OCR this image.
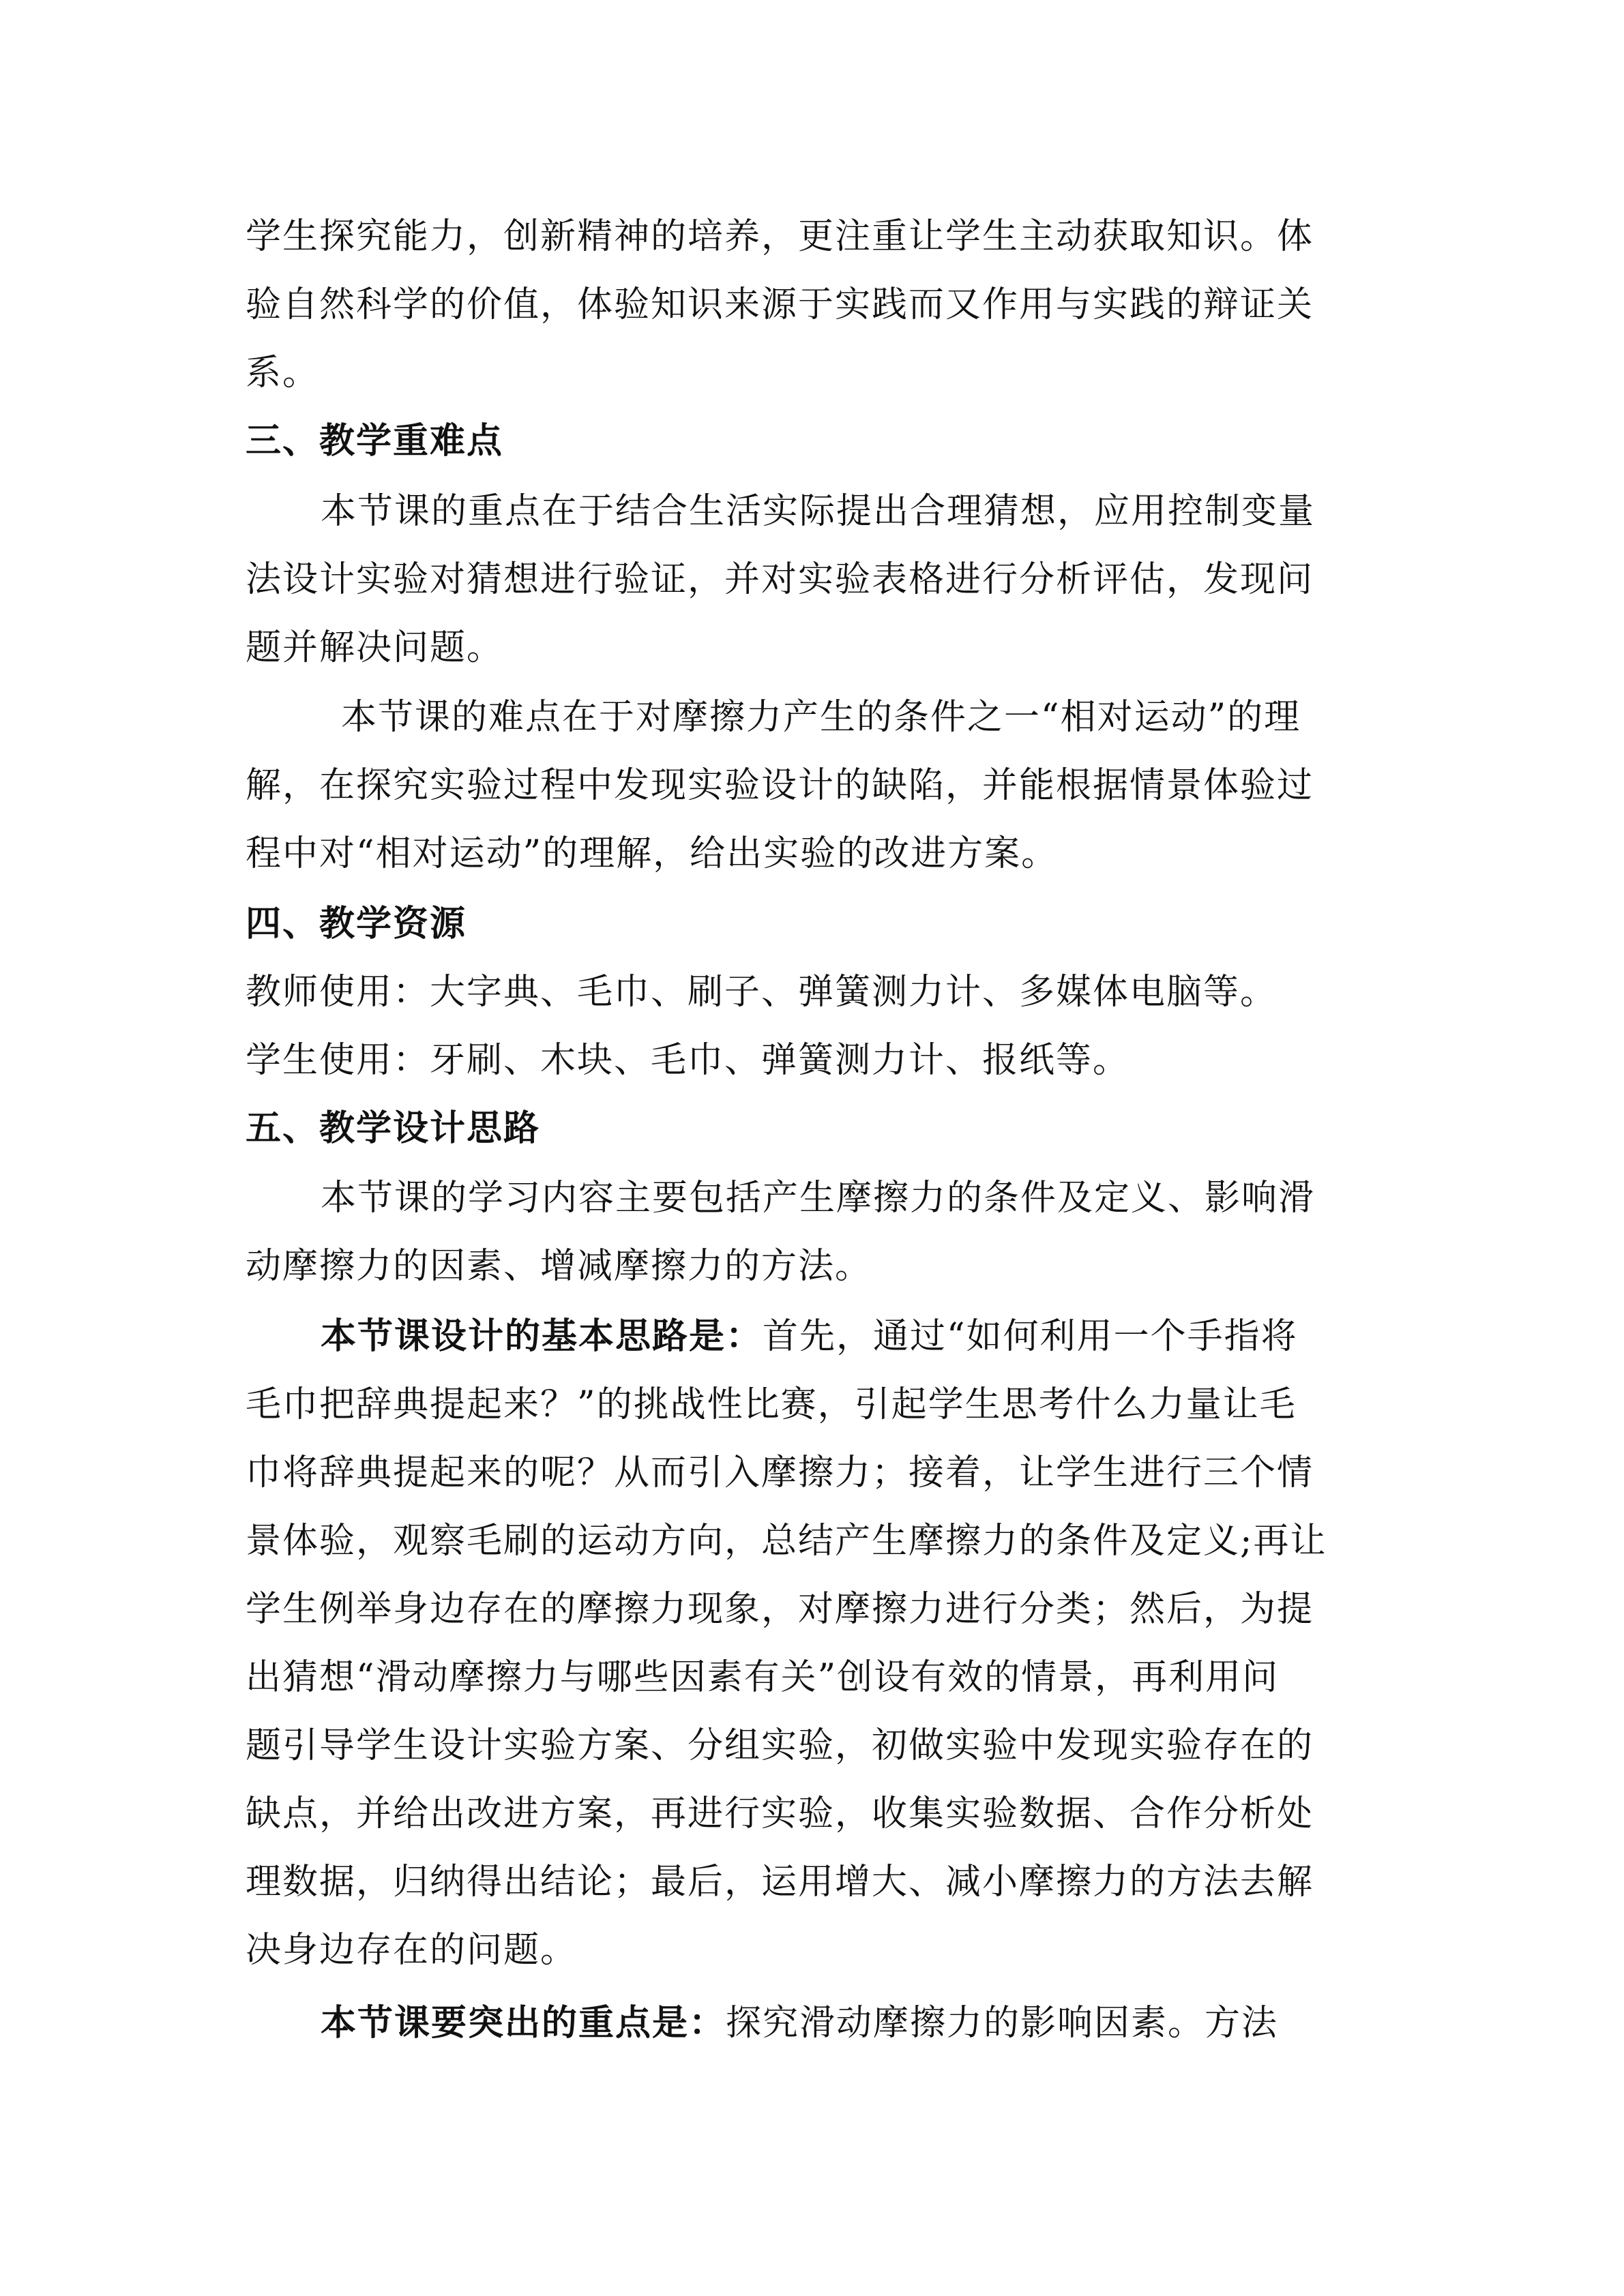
学生探究能力，创新精神的培养，更注重让学生主动获取知识。体
验自然科学的价值，体验知识来源于实践而又作用与实践的辩证关
系。
三、教学重难点
本节课的重点在于结合生活实际提出合理猜想，应用控制变量
法设计实验对猜想进行验证，并对实验表格进行分析评估，发现问
题并解决问题。
本节课的难点在于对摩擦力产生的条件之一“相对运动”的理
解，在探究实验过程中发现实验设计的缺陷，并能根据情景体验过
程中对“相对运动”的理解，给出实验的改进方案。
四、教学资源
教师使用：大字典、毛巾、刷子、弹簧测力计、多媒体电脑等。
学生使用：牙刷、木块、毛巾、弹簧测力计、报纸等。
五、教学设计思路
本节课的学习内容主要包括产生摩擦力的条件及定义、影响滑
动摩擦力的因素、增减摩擦力的方法。
本节课设计的基本思路是：首先，通过“如何利用一个手指将
毛巾把辞典提起来？”的挑战性比赛，引起学生思考什么力量让毛
巾将辞典提起来的呢？从而引入摩擦力；接着，让学生进行三个情
景体验，观察毛刷的运动方向，总结产生摩擦力的条件及定义;再让
学生例举身边存在的摩擦力现象，对摩擦力进行分类；然后，为提
出猜想“滑动摩擦力与哪些因素有关”创设有效的情景，再利用问
题引导学生设计实验方案、分组实验，初做实验中发现实验存在的
缺点，并给出改进方案，再进行实验，收集实验数据、合作分析处
理数据，归纳得出结论；最后，运用增大、减小摩擦力的方法去解
决身边存在的问题。
本节课要突出的重点是：探究滑动摩擦力的影响因素。方法
